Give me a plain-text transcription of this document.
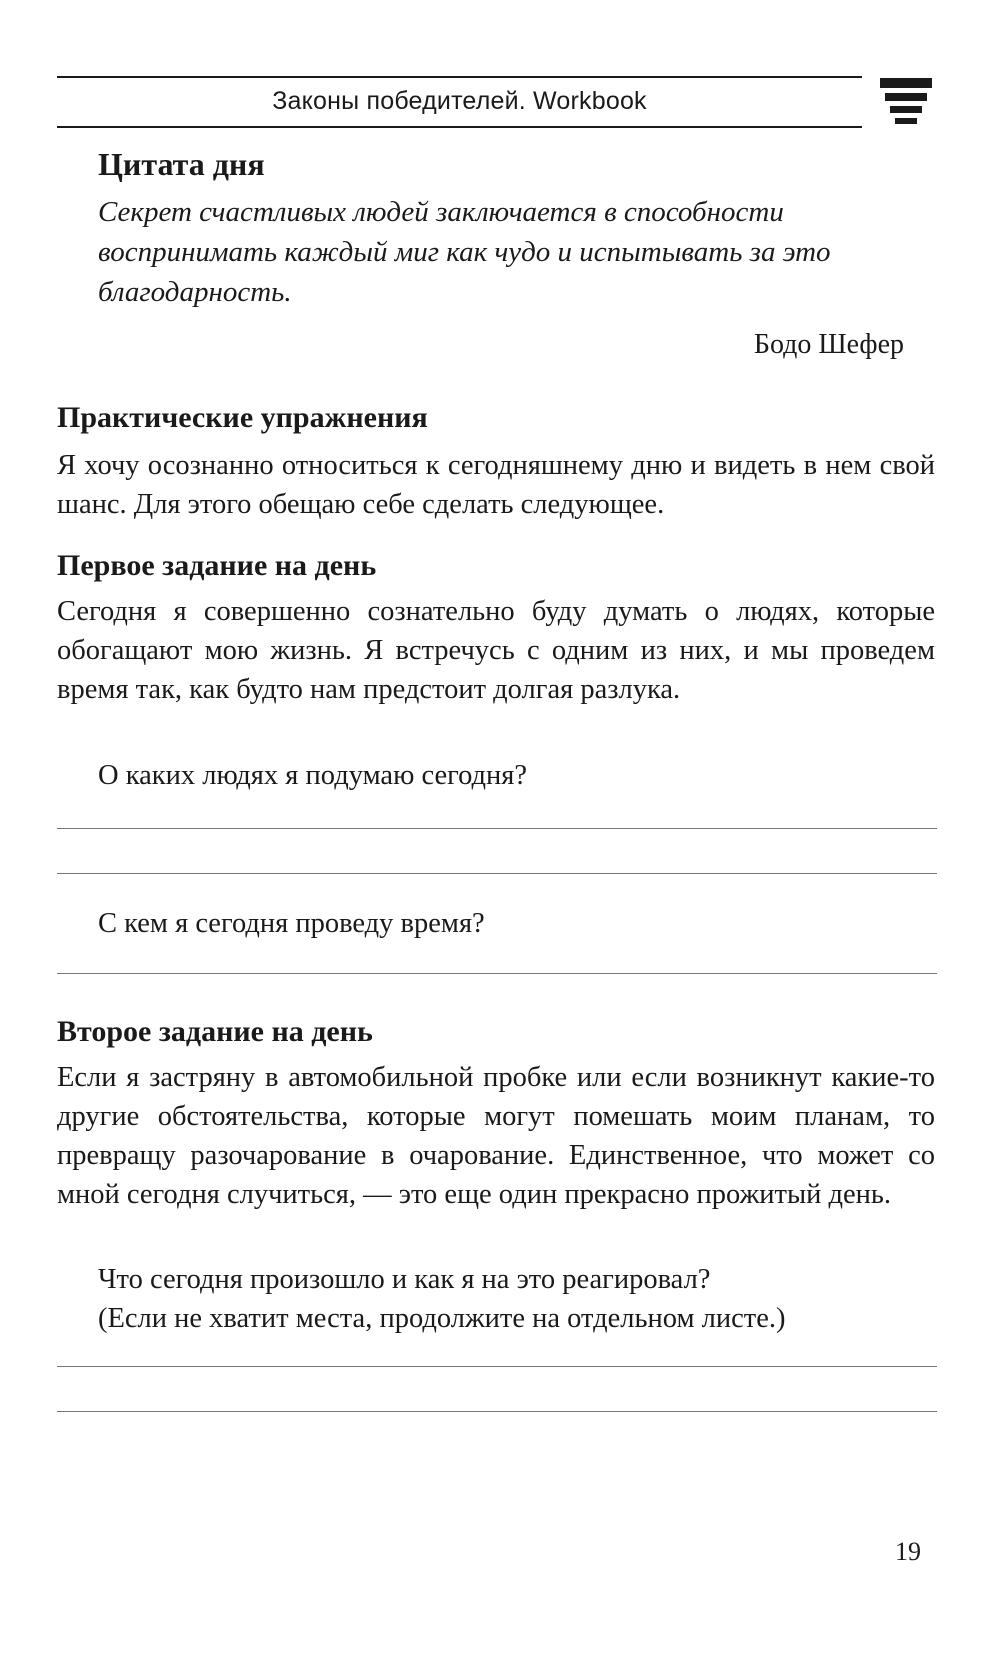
Законы победителей. Workbook
Цитата дня

Секрет счастливых людей заключается в способности воспринимать каждый миг как чудо и испытывать за это благодарность.

Бодо Шефер

Практические упражнения

Я хочу осознанно относиться к сегодняшнему дню и видеть в нем свой шанс. Для этого обещаю себе сделать следующее.

Первое задание на день

Сегодня я совершенно сознательно буду думать о людях, которые обогащают мою жизнь. Я встречусь с одним из них, и мы проведем время так, как будто нам предстоит долгая разлука.

О каких людях я подумаю сегодня?

С кем я сегодня проведу время?

Второе задание на день

Если я застряну в автомобильной пробке или если возникнут какие-то другие обстоятельства, которые могут помешать моим планам, то превращу разочарование в очарование. Единственное, что может со мной сегодня случиться, — это еще один прекрасно прожитый день.

Что сегодня произошло и как я на это реагировал?
(Если не хватит места, продолжите на отдельном листе.)

19
